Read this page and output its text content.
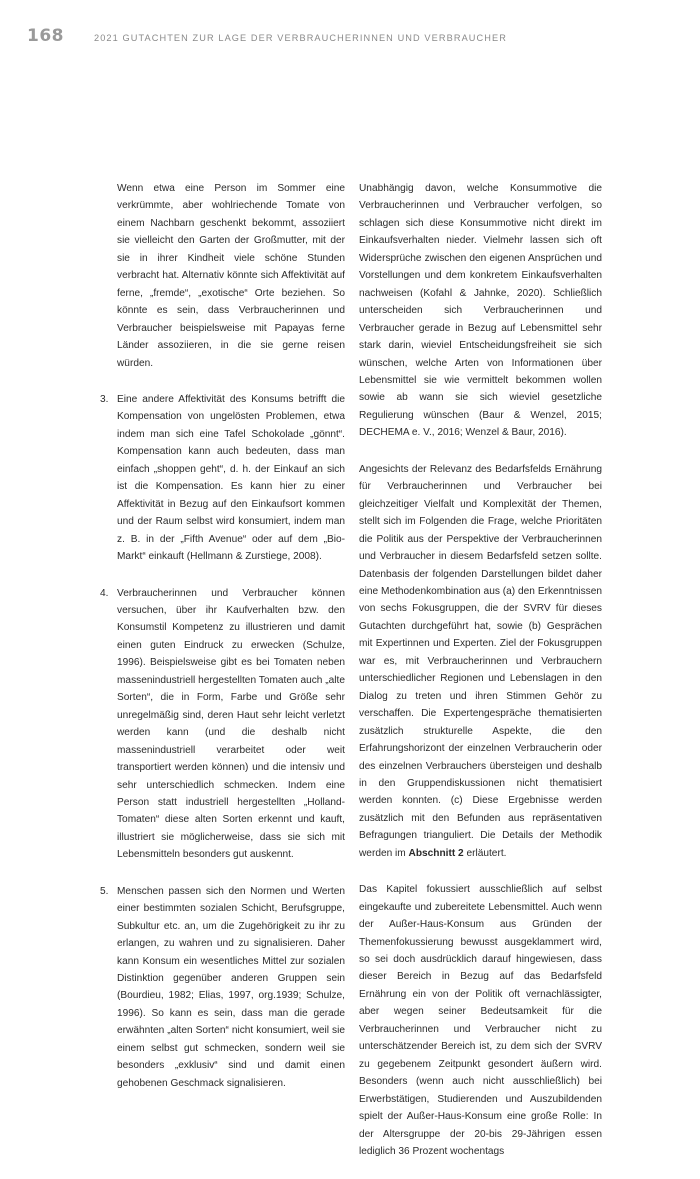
168	2021 GUTACHTEN ZUR LAGE DER VERBRAUCHERINNEN UND VERBRAUCHER

Wenn etwa eine Person im Sommer eine verkrümmte, aber wohlriechende Tomate von einem Nachbarn geschenkt bekommt, assoziiert sie vielleicht den Garten der Großmutter, mit der sie in ihrer Kindheit viele schöne Stunden verbracht hat. Alternativ könnte sich Affektivität auf ferne, „fremde“, „exotische“ Orte beziehen. So könnte es sein, dass Verbraucherinnen und Verbraucher beispielsweise mit Papayas ferne Länder assoziieren, in die sie gerne reisen würden.

3. Eine andere Affektivität des Konsums betrifft die Kompensation von ungelösten Problemen, etwa indem man sich eine Tafel Schokolade „gönnt“. Kompensation kann auch bedeuten, dass man einfach „shoppen geht“, d. h. der Einkauf an sich ist die Kompensation. Es kann hier zu einer Affektivität in Bezug auf den Einkaufsort kommen und der Raum selbst wird konsumiert, indem man z. B. in der „Fifth Avenue“ oder auf dem „Bio-Markt“ einkauft (Hellmann & Zurstiege, 2008).
4. Verbraucherinnen und Verbraucher können versuchen, über ihr Kaufverhalten bzw. den Konsumstil Kompetenz zu illustrieren und damit einen guten Eindruck zu erwecken (Schulze, 1996). Beispielsweise gibt es bei Tomaten neben massenindustriell hergestellten Tomaten auch „alte Sorten“, die in Form, Farbe und Größe sehr unregelmäßig sind, deren Haut sehr leicht verletzt werden kann (und die deshalb nicht massenindustriell verarbeitet oder weit transportiert werden können) und die intensiv und sehr unterschiedlich schmecken. Indem eine Person statt industriell hergestellten „Holland-Tomaten“ diese alten Sorten erkennt und kauft, illustriert sie möglicherweise, dass sie sich mit Lebensmitteln besonders gut auskennt.
5. Menschen passen sich den Normen und Werten einer bestimmten sozialen Schicht, Berufsgruppe, Subkultur etc. an, um die Zugehörigkeit zu ihr zu erlangen, zu wahren und zu signalisieren. Daher kann Konsum ein wesentliches Mittel zur sozialen Distinktion gegenüber anderen Gruppen sein (Bourdieu, 1982; Elias, 1997, org.1939; Schulze, 1996). So kann es sein, dass man die gerade erwähnten „alten Sorten“ nicht konsumiert, weil sie einem selbst gut schmecken, sondern weil sie besonders „exklusiv“ sind und damit einen gehobenen Geschmack signalisieren.

Unabhängig davon, welche Konsummotive die Verbraucherinnen und Verbraucher verfolgen, so schlagen sich diese Konsummotive nicht direkt im Einkaufsverhalten nieder. Vielmehr lassen sich oft Widersprüche zwischen den eigenen Ansprüchen und Vorstellungen und dem konkretem Einkaufsverhalten nachweisen (Kofahl & Jahnke, 2020). Schließlich unterscheiden sich Verbraucherinnen und Verbraucher gerade in Bezug auf Lebensmittel sehr stark darin, wieviel Entscheidungsfreiheit sie sich wünschen, welche Arten von Informationen über Lebensmittel sie wie vermittelt bekommen wollen sowie ab wann sie sich wieviel gesetzliche Regulierung wünschen (Baur & Wenzel, 2015; DECHEMA e. V., 2016; Wenzel & Baur, 2016).

Angesichts der Relevanz des Bedarfsfelds Ernährung für Verbraucherinnen und Verbraucher bei gleichzeitiger Vielfalt und Komplexität der Themen, stellt sich im Folgenden die Frage, welche Prioritäten die Politik aus der Perspektive der Verbraucherinnen und Verbraucher in diesem Bedarfsfeld setzen sollte. Datenbasis der folgenden Darstellungen bildet daher eine Methodenkombination aus (a) den Erkenntnissen von sechs Fokusgruppen, die der SVRV für dieses Gutachten durchgeführt hat, sowie (b) Gesprächen mit Expertinnen und Experten. Ziel der Fokusgruppen war es, mit Verbraucherinnen und Verbrauchern unterschiedlicher Regionen und Lebenslagen in den Dialog zu treten und ihren Stimmen Gehör zu verschaffen. Die Expertengespräche thematisierten zusätzlich strukturelle Aspekte, die den Erfahrungshorizont der einzelnen Verbraucherin oder des einzelnen Verbrauchers übersteigen und deshalb in den Gruppendiskussionen nicht thematisiert werden konnten. (c) Diese Ergebnisse werden zusätzlich mit den Befunden aus repräsentativen Befragungen trianguliert. Die Details der Methodik werden im Abschnitt 2 erläutert.

Das Kapitel fokussiert ausschließlich auf selbst eingekaufte und zubereitete Lebensmittel. Auch wenn der Außer-Haus-Konsum aus Gründen der Themenfokussierung bewusst ausgeklammert wird, so sei doch ausdrücklich darauf hingewiesen, dass dieser Bereich in Bezug auf das Bedarfsfeld Ernährung ein von der Politik oft vernachlässigter, aber wegen seiner Bedeutsamkeit für die Verbraucherinnen und Verbraucher nicht zu unterschätzender Bereich ist, zu dem sich der SVRV zu gegebenem Zeitpunkt gesondert äußern wird. Besonders (wenn auch nicht ausschließlich) bei Erwerbstätigen, Studierenden und Auszubildenden spielt der Außer-Haus-Konsum eine große Rolle: In der Altersgruppe der 20-bis 29-Jährigen essen lediglich 36 Prozent wochentags
